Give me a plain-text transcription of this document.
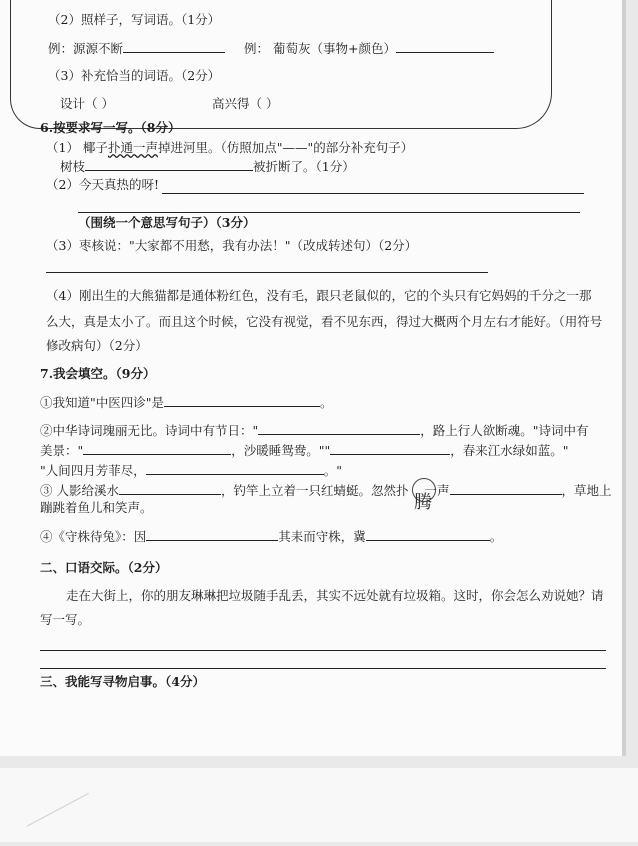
（2）照样子，写词语。（1分）
例：源源不断	例： 葡萄灰（事物+颜色）
（3）补充恰当的词语。（2分）
设计（ ）	高兴得（ ）
6.按要求写一写。（8分）
（1） 椰子扑通一声掉进河里。（仿照加点"——"的部分补充句子）
树枝	被折断了。（1分）
（2）今天真热的呀!
（围绕一个意思写句子）（3分）
（3）枣核说："大家都不用愁，我有办法！"（改成转述句）（2分）
（4）刚出生的大熊猫都是通体粉红色，没有毛，跟只老鼠似的，它的个头只有它妈妈的千分之一那
么大，真是太小了。而且这个时候，它没有视觉，看不见东西，得过大概两个月左右才能好。（用符号
修改病句）（2分）
7.我会填空。（9分）
①我知道"中医四诊"是	。
②中华诗词瑰丽无比。诗词中有节日："	，路上行人欲断魂。"诗词中有
美景："	，沙暖睡鸳鸯。""	，春来江水绿如蓝。"
"人间四月芳菲尽，	。"
③ 人影给溪水	，钓竿上立着一只红蜻蜓。忽然扑 一声	，草地上
腾
蹦跳着鱼儿和笑声。
④《守株待兔》：因	其耒而守株，冀	。
二、口语交际。（2分）
走在大街上，你的朋友琳琳把垃圾随手乱丢，其实不远处就有垃圾箱。这时，你会怎么劝说她？请
写一写。
三、我能写寻物启事。（4分）
